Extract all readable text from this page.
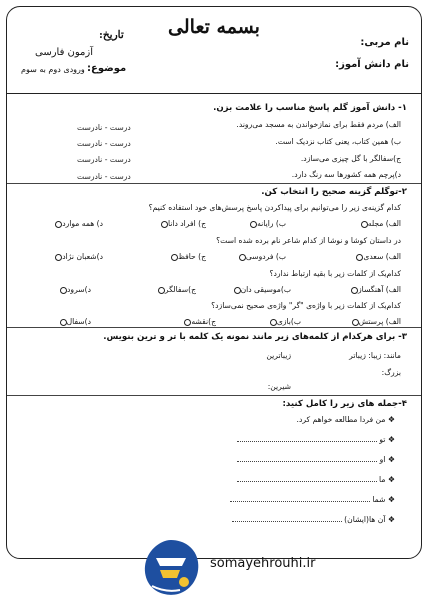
بسمه تعالی
نام مربی:
نام دانش آموز:
تاریخ:
آزمون فارسی
موضوع:
ورودی دوم به سوم
۱- دانش آموز گلم پاسخ مناسب را علامت بزن.
الف) مردم فقط برای نمازخواندن به مسجد می‌روند.
درست - نادرست
ب) همین کتاب، یعنی کتاب نزدیک است.
درست - نادرست
ج)سفالگر با گل چیزی می‌سازد.
درست - نادرست
د)پرچم همه کشورها سه رنگ دارد.
درست - نادرست
۲-توگلم گزینه صحیح را انتخاب کن.
کدام گزینه‌ی زیر را می‌توانیم برای پیداکردن پاسخ پرسش‌های خود استفاده کنیم؟
الف) مجله
ب) رایانه
ج) افراد دانا
د) همه موارد
در داستان کوشا و نوشا از کدام شاعر نام برده شده است؟
الف) سعدی
ب) فردوسی
ج) حافظ
د)شعبان نژاد
کدام‌یک از کلمات زیر با بقیه ارتباط ندارد؟
الف) آهنگساز
ب)موسیقی دان
ج)سفالگر
د)سرود
کدام‌یک از کلمات زیر با واژه‌ی "گر" واژه‌ی صحیح نمی‌سازد؟
الف) پرستش
ب)بازی
ج)نقشه
د)سفال
۳- برای هرکدام از کلمه‌های زیر مانند نمونه یک کلمه با تر و ترین بنویس.
مانند: زیبا: زیباتر
زیباترین
بزرگ:
شیرین:
۴-جمله های زیر را کامل کنید:
❖ من فردا مطالعه خواهم کرد.
❖ تو
❖ او
❖ ما
❖ شما
❖ آن ها(ایشان)
somayehrouhi.ir
